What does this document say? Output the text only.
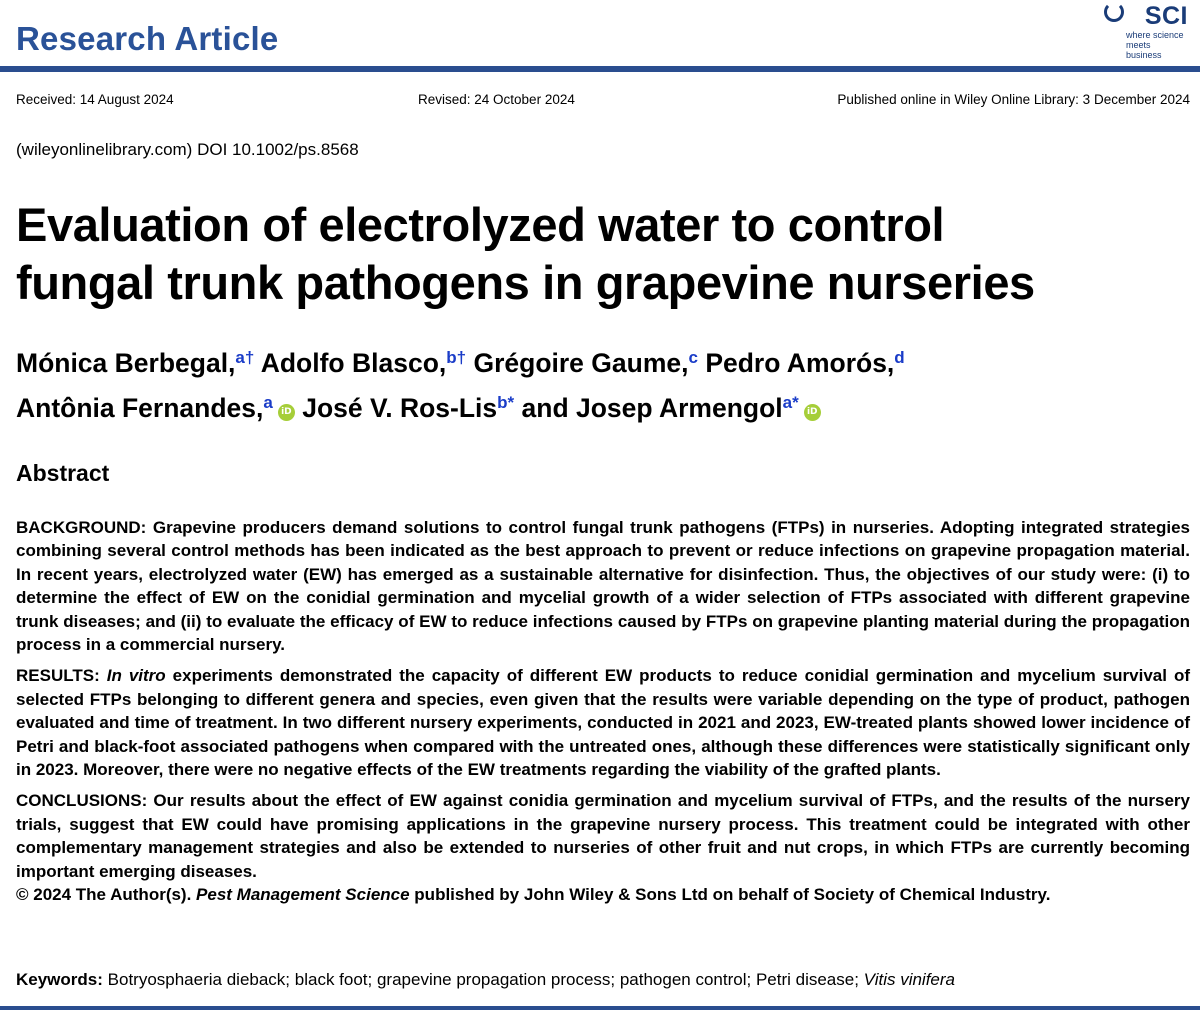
Research Article
SCI
where science
meets business
Received: 14 August 2024	Revised: 24 October 2024	Published online in Wiley Online Library: 3 December 2024
(wileyonlinelibrary.com) DOI 10.1002/ps.8568
Evaluation of electrolyzed water to control
fungal trunk pathogens in grapevine nurseries
Mónica Berbegal,$^{a\dagger}$ Adolfo Blasco,$^{b\dagger}$ Grégoire Gaume,$^c$ Pedro Amorós,$^d$
Antônia Fernandes,$^a$ iD José V. Ros-Lis$^{b*}$ and Josep Armengol$^{a*}$ iD
Abstract

BACKGROUND: Grapevine producers demand solutions to control fungal trunk pathogens (FTPs) in nurseries. Adopting integrated strategies combining several control methods has been indicated as the best approach to prevent or reduce infections on grapevine propagation material. In recent years, electrolyzed water (EW) has emerged as a sustainable alternative for disinfection. Thus, the objectives of our study were: (i) to determine the effect of EW on the conidial germination and mycelial growth of a wider selection of FTPs associated with different grapevine trunk diseases; and (ii) to evaluate the efficacy of EW to reduce infections caused by FTPs on grapevine planting material during the propagation process in a commercial nursery.

RESULTS: In vitro experiments demonstrated the capacity of different EW products to reduce conidial germination and mycelium survival of selected FTPs belonging to different genera and species, even given that the results were variable depending on the type of product, pathogen evaluated and time of treatment. In two different nursery experiments, conducted in 2021 and 2023, EW-treated plants showed lower incidence of Petri and black-foot associated pathogens when compared with the untreated ones, although these differences were statistically significant only in 2023. Moreover, there were no negative effects of the EW treatments regarding the viability of the grafted plants.

CONCLUSIONS: Our results about the effect of EW against conidia germination and mycelium survival of FTPs, and the results of the nursery trials, suggest that EW could have promising applications in the grapevine nursery process. This treatment could be integrated with other complementary management strategies and also be extended to nurseries of other fruit and nut crops, in which FTPs are currently becoming important emerging diseases.

© 2024 The Author(s). Pest Management Science published by John Wiley & Sons Ltd on behalf of Society of Chemical Industry.

Keywords: Botryosphaeria dieback; black foot; grapevine propagation process; pathogen control; Petri disease; Vitis vinifera
